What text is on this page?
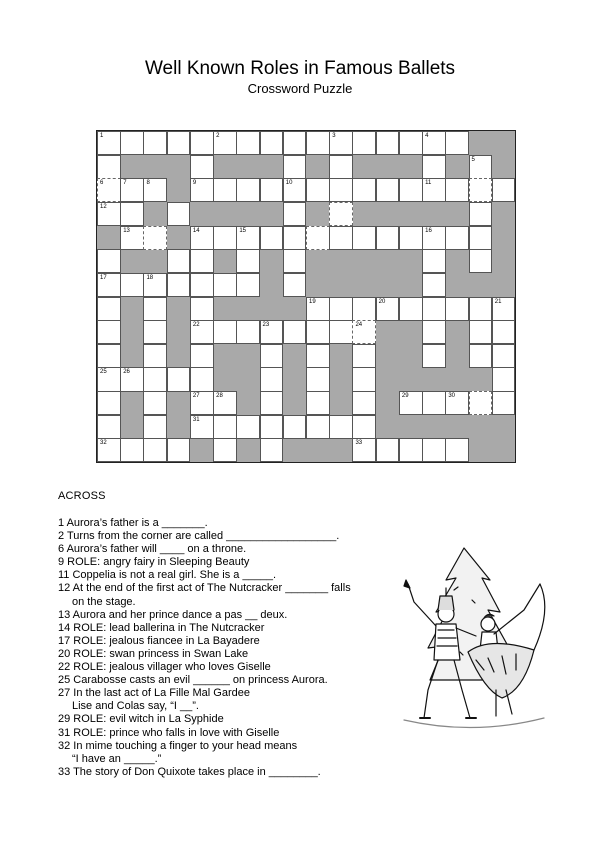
Well Known Roles in Famous Ballets
Crossword Puzzle
1	2	3	4
5
6	7	8	9	10	11
12
13	14	15	16
17	18
19	20	21
22	23	24
25	26
27	28	29	30
31
32	33
ACROSS
1 Aurora’s father is a _______.
2 Turns from the corner are called __________________.
6 Aurora’s father will ____ on a throne.
9 ROLE: angry fairy in Sleeping Beauty
11 Coppelia is not a real girl. She is a _____.
12 At the end of the first act of The Nutcracker _______ falls
on the stage.
13 Aurora and her prince dance a pas __ deux.
14 ROLE: lead ballerina in The Nutcracker
17 ROLE: jealous fiancee in La Bayadere
20 ROLE: swan princess in Swan Lake
22 ROLE: jealous villager who loves Giselle
25 Carabosse casts an evil ______ on princess Aurora.
27 In the last act of La Fille Mal Gardee
Lise and Colas say, “I __”.
29 ROLE: evil witch in La Syphide
31 ROLE: prince who falls in love with Giselle
32 In mime touching a finger to your head means
“I have an _____.”
33 The story of Don Quixote takes place in ________.
